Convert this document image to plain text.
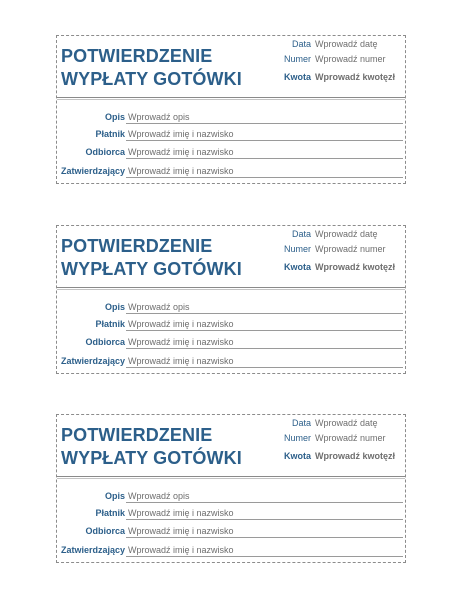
POTWIERDZENIE
WYPŁATY GOTÓWKI
Data Wprowadź datę
Numer Wprowadź numer
Kwota Wprowadź kwotęzł
Opis Wprowadź opis
Płatnik Wprowadź imię i nazwisko
Odbiorca Wprowadź imię i nazwisko
Zatwierdzający Wprowadź imię i nazwisko
POTWIERDZENIE
WYPŁATY GOTÓWKI
Data Wprowadź datę
Numer Wprowadź numer
Kwota Wprowadź kwotęzł
Opis Wprowadź opis
Płatnik Wprowadź imię i nazwisko
Odbiorca Wprowadź imię i nazwisko
Zatwierdzający Wprowadź imię i nazwisko
POTWIERDZENIE
WYPŁATY GOTÓWKI
Data Wprowadź datę
Numer Wprowadź numer
Kwota Wprowadź kwotęzł
Opis Wprowadź opis
Płatnik Wprowadź imię i nazwisko
Odbiorca Wprowadź imię i nazwisko
Zatwierdzający Wprowadź imię i nazwisko
